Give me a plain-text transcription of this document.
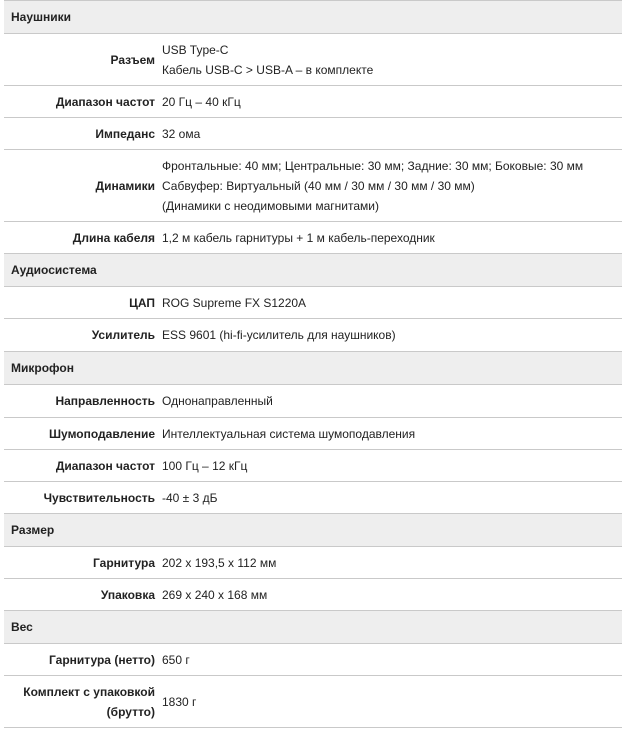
Наушники
Разъем
USB Type-C
Кабель USB-C > USB-A – в комплекте
Диапазон частот 20 Гц – 40 кГц
Импеданс 32 ома
Динамики
Фронтальные: 40 мм; Центральные: 30 мм; Задние: 30 мм; Боковые: 30 мм
Сабвуфер: Виртуальный (40 мм / 30 мм / 30 мм / 30 мм)
(Динамики с неодимовыми магнитами)
Длина кабеля 1,2 м кабель гарнитуры + 1 м кабель-переходник
Аудиосистема
ЦАП ROG Supreme FX S1220A
Усилитель ESS 9601 (hi-fi-усилитель для наушников)
Микрофон
Направленность Однонаправленный
Шумоподавление Интеллектуальная система шумоподавления
Диапазон частот 100 Гц – 12 кГц
Чувствительность -40 ± 3 дБ
Размер
Гарнитура 202 x 193,5 x 112 мм
Упаковка 269 x 240 x 168 мм
Вес
Гарнитура (нетто) 650 г
Комплект с упаковкой (брутто)
1830 г
